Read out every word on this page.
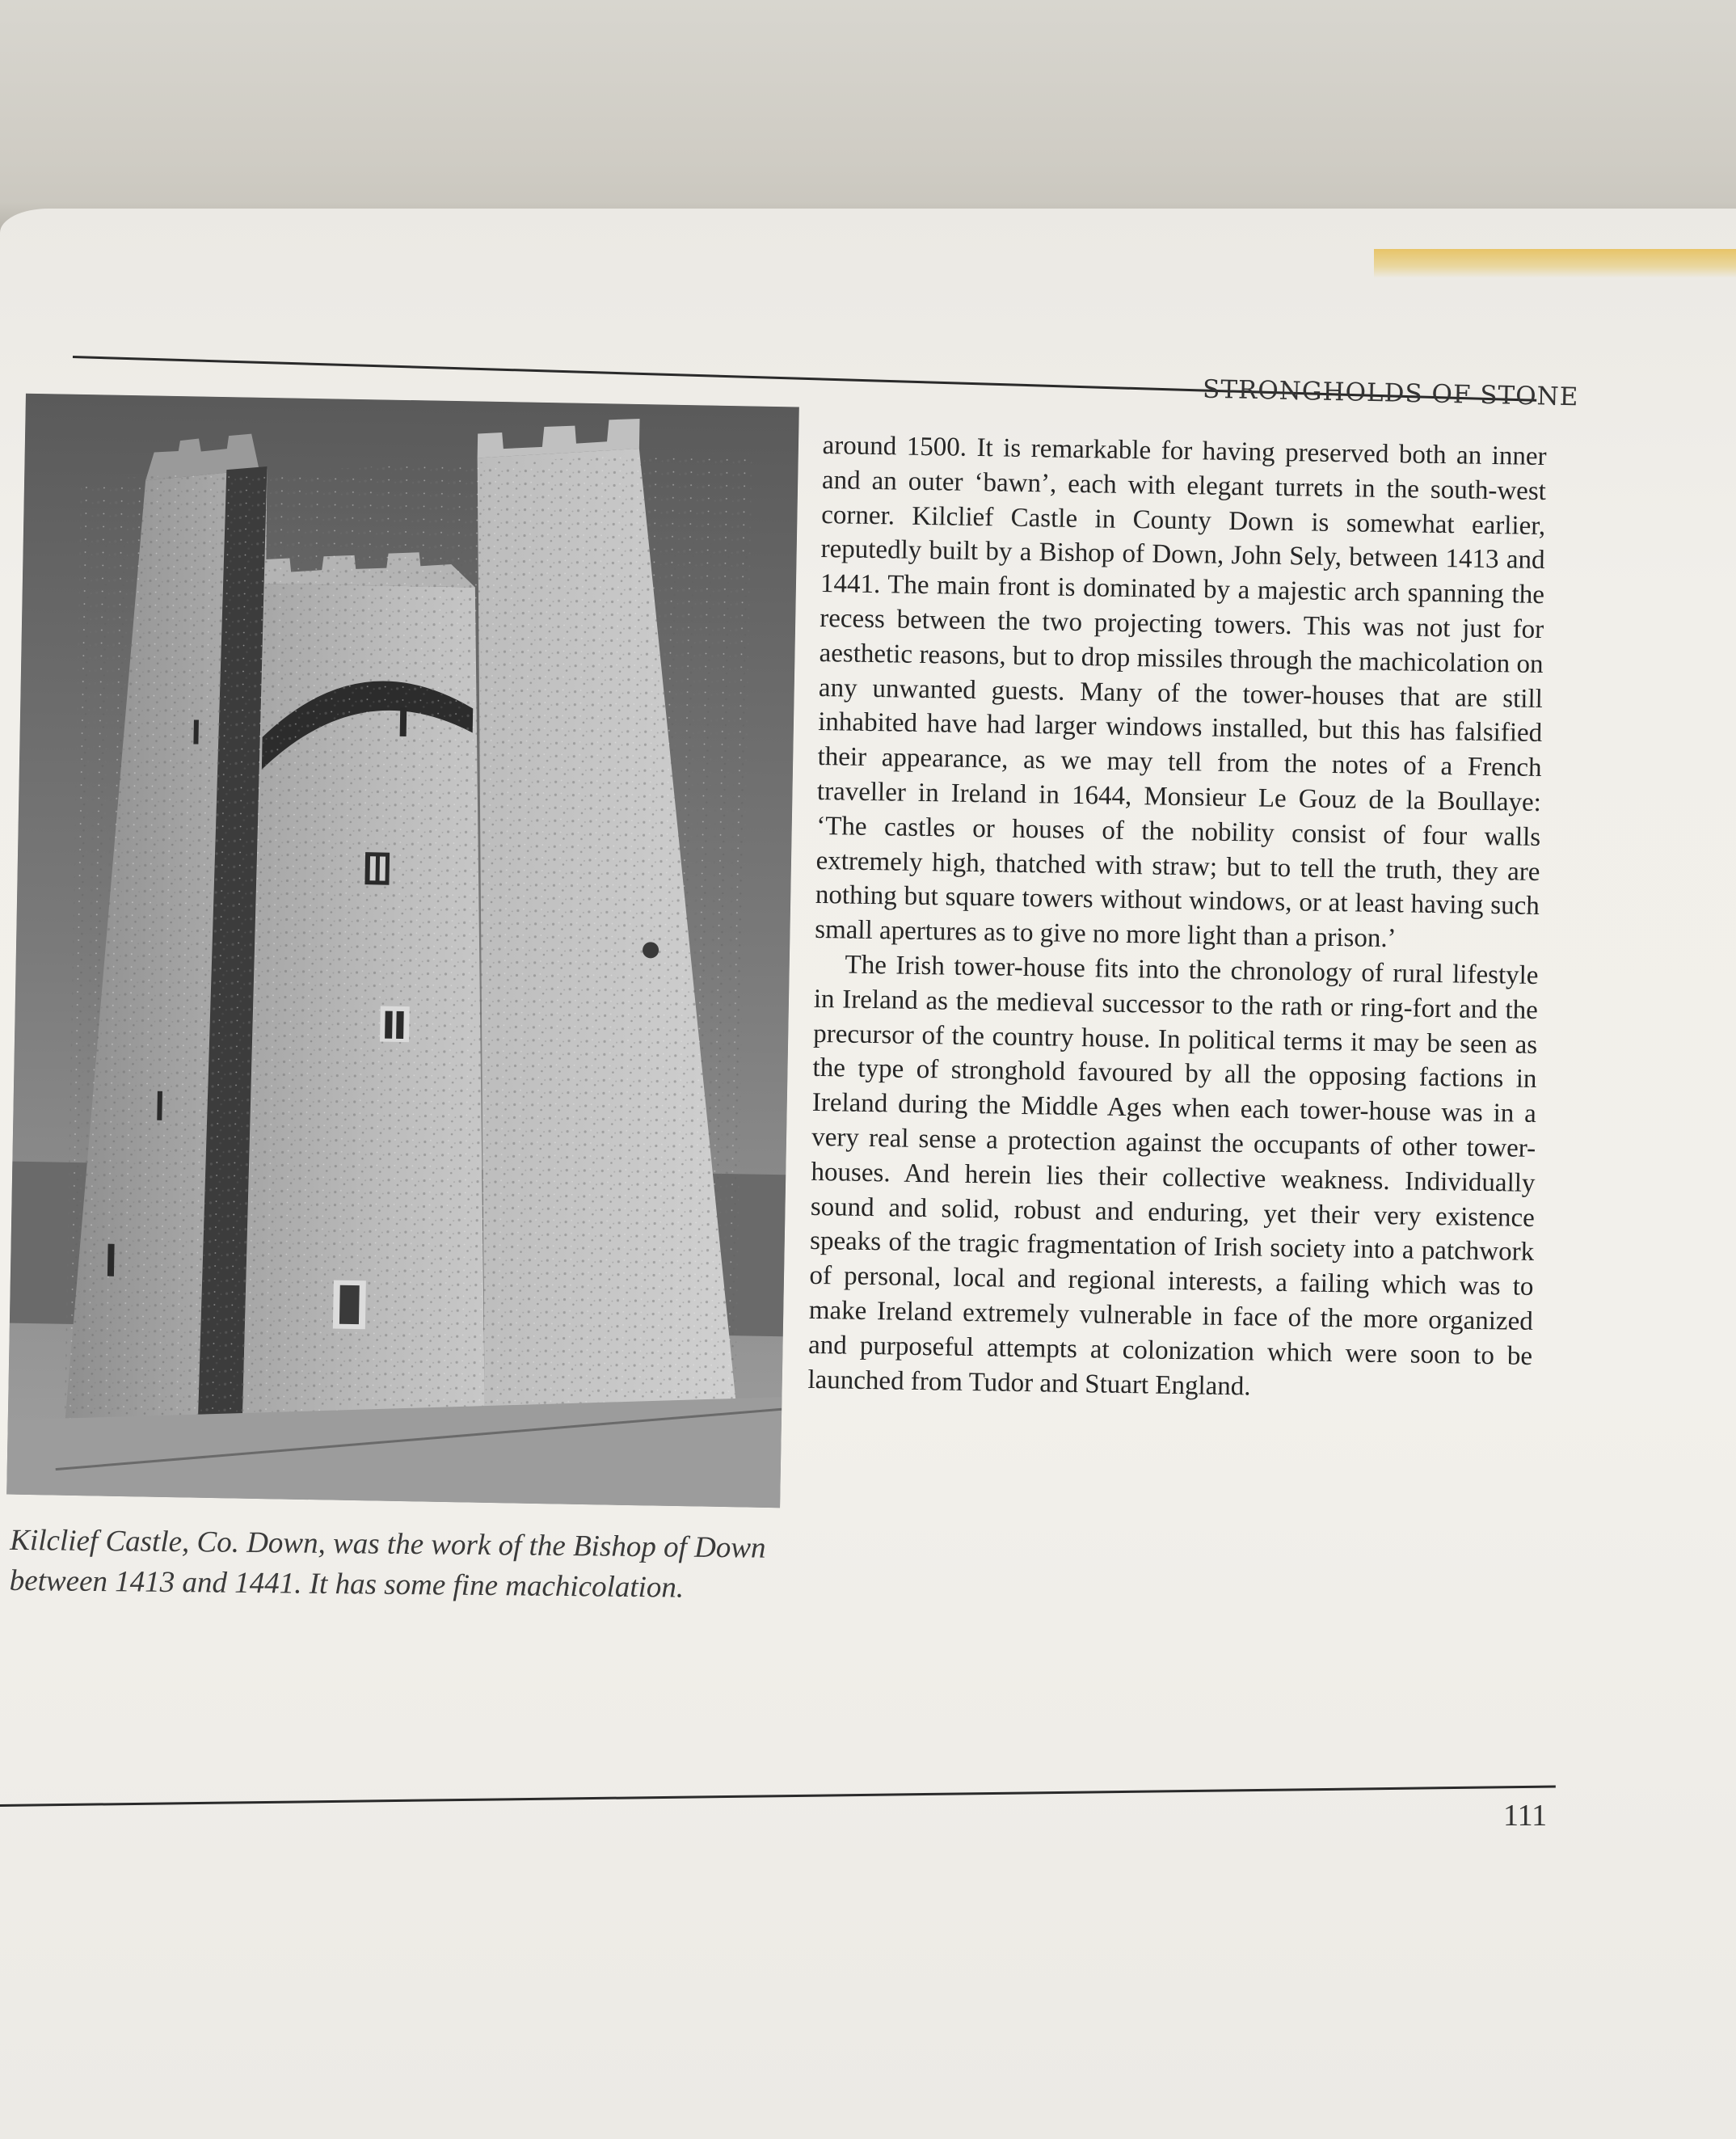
STRONGHOLDS OF STONE
Kilclief Castle, Co. Down, was the work of the Bishop of Down between 1413 and 1441. It has some fine machicolation.

around 1500. It is remarkable for having preserved both an inner and an outer ‘bawn’, each with elegant turrets in the south-west corner. Kilclief Castle in County Down is somewhat earlier, reputedly built by a Bishop of Down, John Sely, between 1413 and 1441. The main front is dominated by a majestic arch spanning the recess between the two projecting towers. This was not just for aesthetic reasons, but to drop missiles through the machicolation on any unwanted guests. Many of the tower-houses that are still inhabited have had larger windows installed, but this has falsified their appearance, as we may tell from the notes of a French traveller in Ireland in 1644, Monsieur Le Gouz de la Boullaye: ‘The castles or houses of the nobility consist of four walls extremely high, thatched with straw; but to tell the truth, they are nothing but square towers without windows, or at least having such small apertures as to give no more light than a prison.’

The Irish tower-house fits into the chronology of rural lifestyle in Ireland as the medieval successor to the rath or ring-fort and the precursor of the country house. In political terms it may be seen as the type of stronghold favoured by all the opposing factions in Ireland during the Middle Ages when each tower-house was in a very real sense a protection against the occupants of other tower-houses. And herein lies their collective weakness. Individually sound and solid, robust and enduring, yet their very existence speaks of the tragic fragmentation of Irish society into a patchwork of personal, local and regional interests, a failing which was to make Ireland extremely vulnerable in face of the more organized and purposeful attempts at colonization which were soon to be launched from Tudor and Stuart England.

111
